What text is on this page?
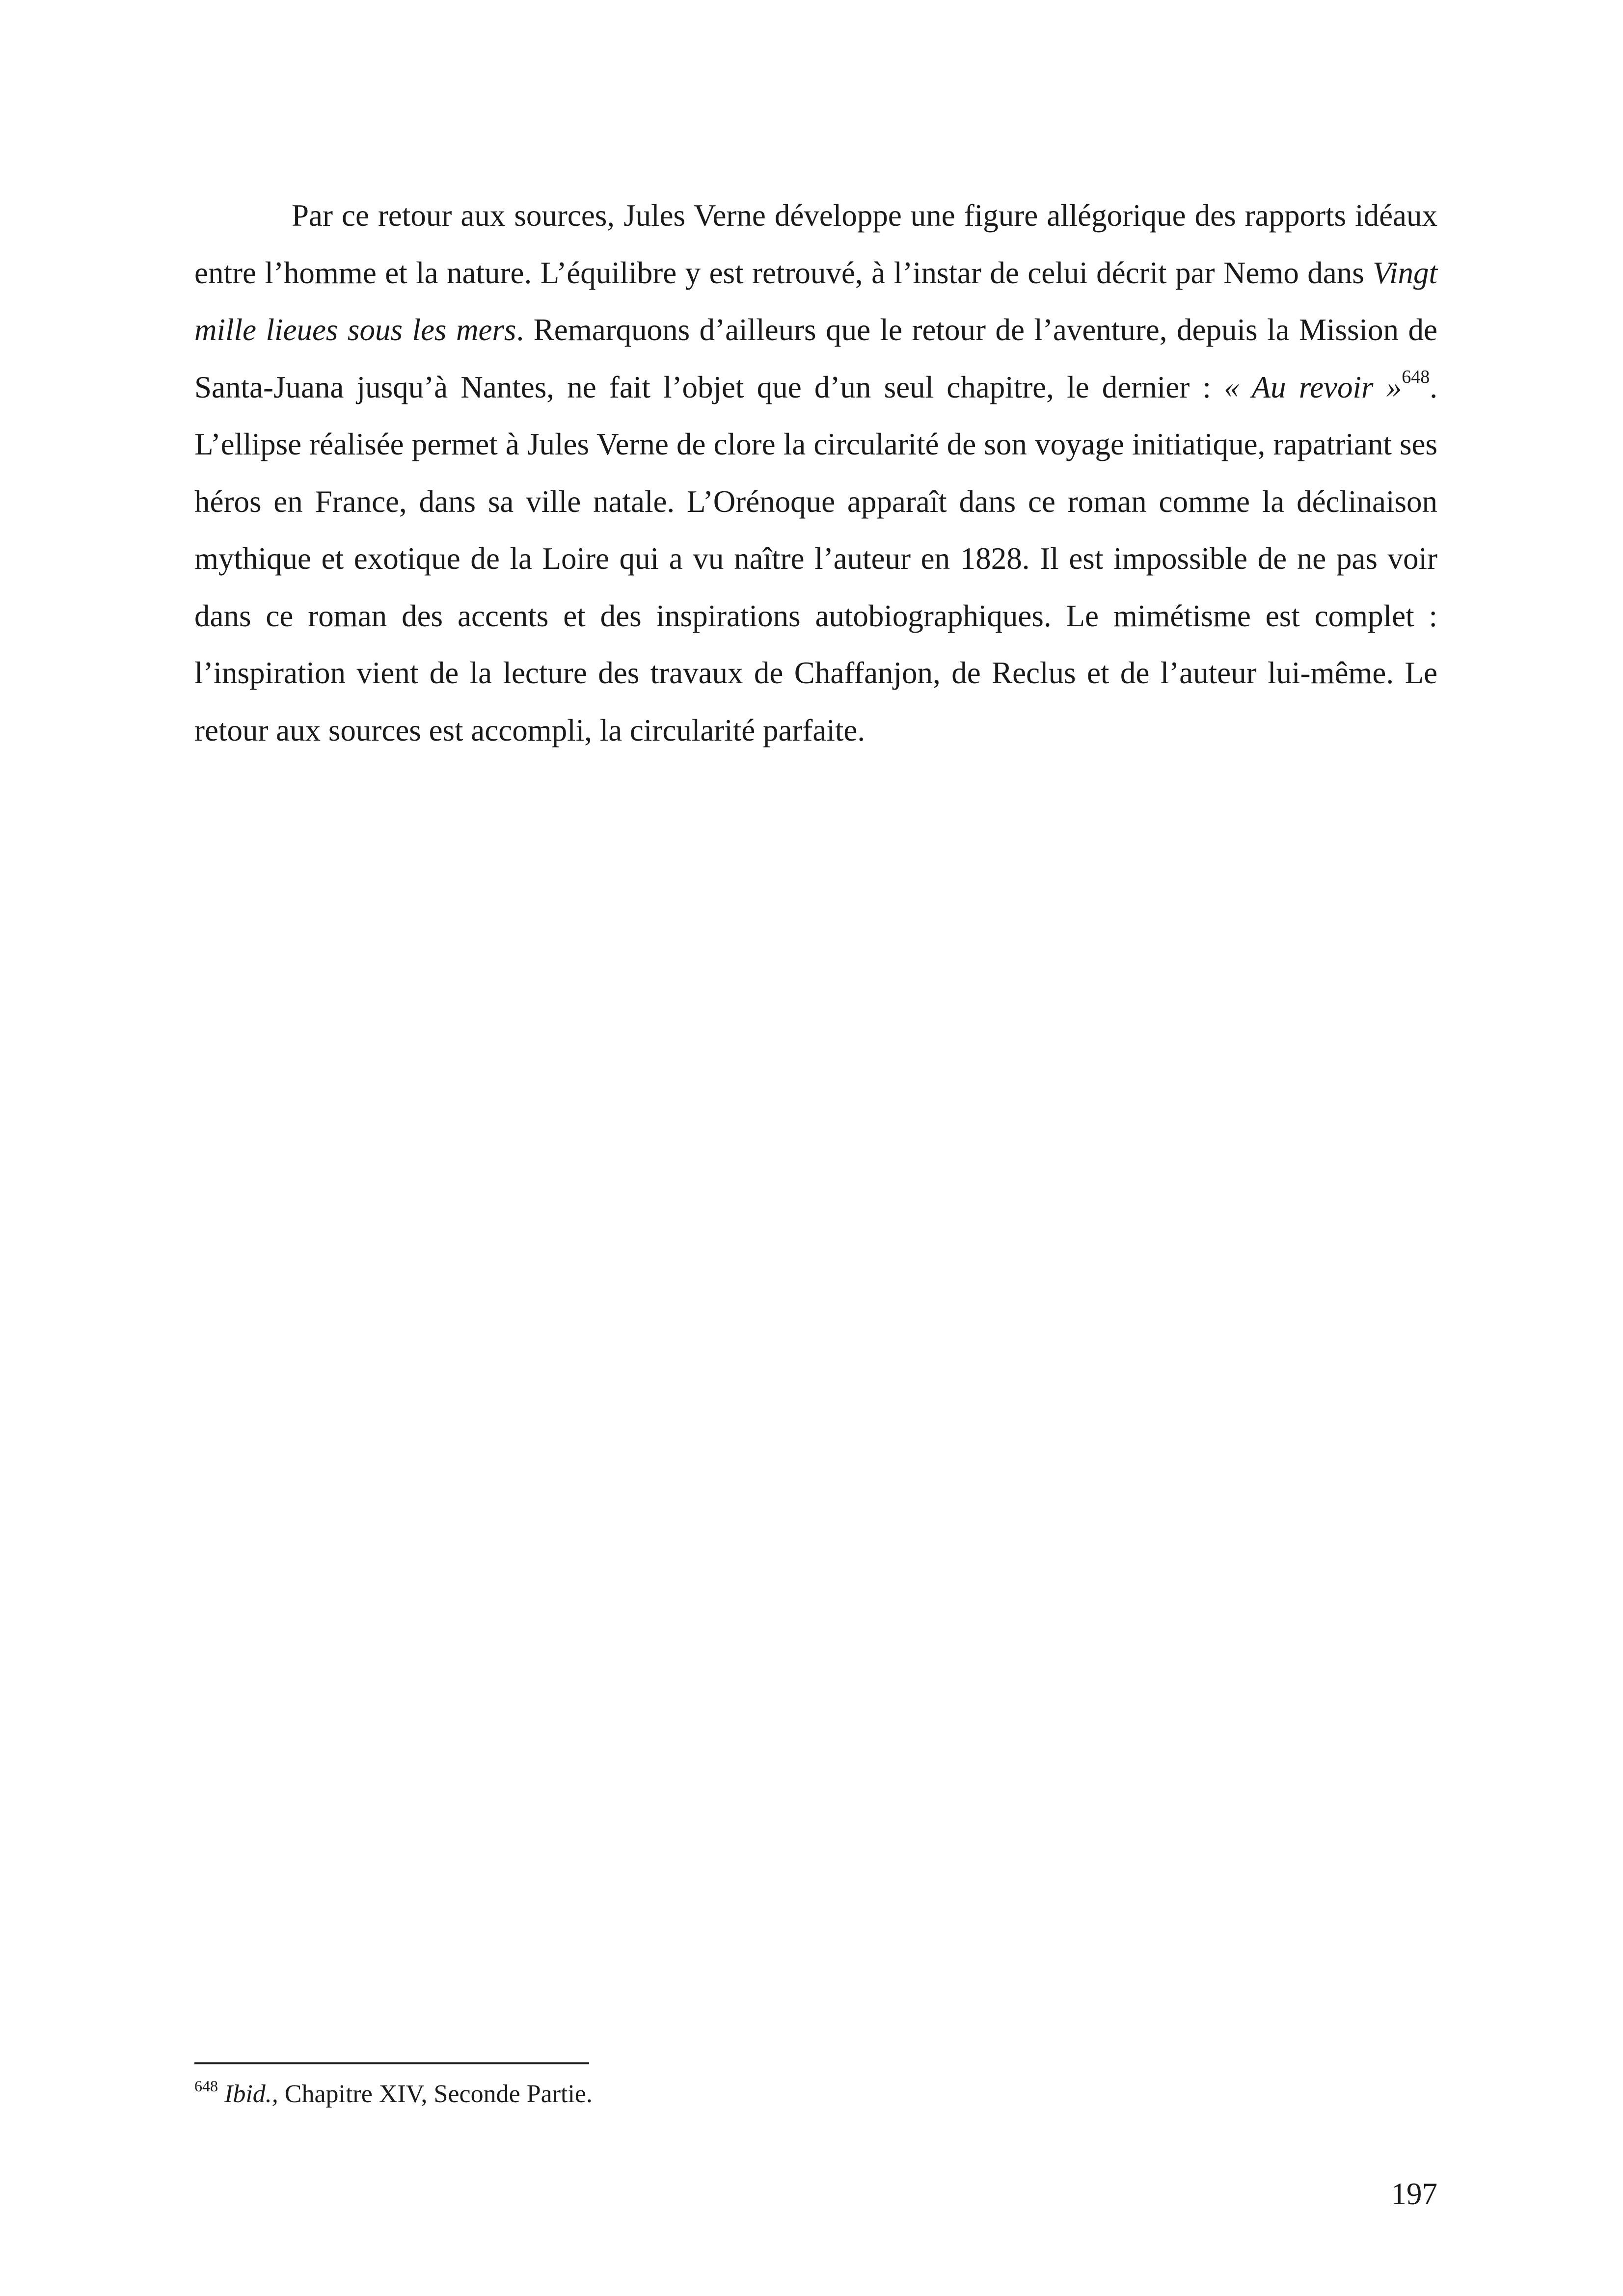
Par ce retour aux sources, Jules Verne développe une figure allégorique des rapports idéaux entre l’homme et la nature. L’équilibre y est retrouvé, à l’instar de celui décrit par Nemo dans Vingt mille lieues sous les mers. Remarquons d’ailleurs que le retour de l’aventure, depuis la Mission de Santa-Juana jusqu’à Nantes, ne fait l’objet que d’un seul chapitre, le dernier : « Au revoir »$^{648}$. L’ellipse réalisée permet à Jules Verne de clore la circularité de son voyage initiatique, rapatriant ses héros en France, dans sa ville natale. L’Orénoque apparaît dans ce roman comme la déclinaison mythique et exotique de la Loire qui a vu naître l’auteur en 1828. Il est impossible de ne pas voir dans ce roman des accents et des inspirations autobiographiques. Le mimétisme est complet : l’inspiration vient de la lecture des travaux de Chaffanjon, de Reclus et de l’auteur lui-même. Le retour aux sources est accompli, la circularité parfaite.

$^{648}$ Ibid., Chapitre XIV, Seconde Partie.

197
